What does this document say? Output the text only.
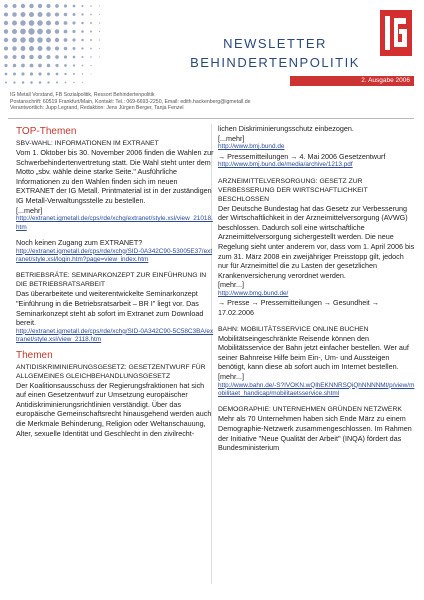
NEWSLETTER
BEHINDERTENPOLITIK
2. Ausgabe 2006
IG Metall Vorstand, FB Sozialpolitik, Ressort Behindertenpolitik
Postanschrift: 60519 Frankfurt/Main, Kontakt: Tel.: 069-6693-2250, Email: edith.hackenberg@igmetall.de
Verantwortlich: Jupp Legrand, Redaktion: Jens Jürgen Berger, Tanja Fenzel
TOP-Themen
SBV-WAHL: INFORMATIONEN IM EXTRANET

Vom 1. Oktober bis 30. November 2006 finden die Wahlen zur Schwerbehindertenvertretung statt. Die Wahl steht unter dem Motto „sbv. wähle deine starke Seite." Ausführliche Informationen zu den Wahlen finden sich im neuen EXTRANET der IG Metall. Printmaterial ist in der zuständigen IG Metall-Verwaltungsstelle zu bestellen.

[...mehr]
http://extranet.igmetall.de/cps/rde/xchg/extranet/style.xsl/view_21018.htm

Noch keinen Zugang zum EXTRANET?

http://extranet.igmetall.de/cps/rde/xchg/SID-0A342C90-53005E37/extranet/style.xsl/login.htm?page=view_index.htm
BETRIEBSRÄTE: SEMINARKONZEPT ZUR EINFÜHRUNG IN DIE BETRIEBSRATSARBEIT

Das überarbeitete und weiterentwickelte Seminarkonzept "Einführung in die Betriebsratsarbeit – BR I" liegt vor. Das Seminarkonzept steht ab sofort im Extranet zum Download bereit.

http://extranet.igmetall.de/cps/rde/xchg/SID-0A342C90-5C58C3BA/extranet/style.xsl/view_2118.htm
Themen
ANTIDISKRIMINIERUNGSGESETZ: GESETZENTWURF FÜR ALLGEMEINES GLEICHBEHANDLUNGSGESETZ

Der Koalitionsausschuss der Regierungsfraktionen hat sich auf einen Gesetzentwurf zur Umsetzung europäischer Antidiskriminierungsrichtlinien verständigt. Über das europäische Gemeinschaftsrecht hinausgehend werden auch die Merkmale Behinderung, Religion oder Weltanschauung, Alter, sexuelle Identität und Geschlecht in den zivilrecht-

lichen Diskriminierungsschutz einbezogen.

[...mehr]
http://www.bmj.bund.de

→ Pressemitteilungen → 4. Mai 2006 Gesetzentwurf

http://www.bmj.bund.de/media/archive/1213.pdf
ARZNEIMITTELVERSORGUNG: GESETZ ZUR VERBESSERUNG DER WIRTSCHAFTLICHKEIT BESCHLOSSEN

Der Deutsche Bundestag hat das Gesetz zur Verbesserung der Wirtschaftlichkeit in der Arzneimittelversorgung (AVWG) beschlossen. Dadurch soll eine wirtschaftliche Arzneimittelversorgung sichergestellt werden. Die neue Regelung sieht unter anderem vor, dass vom 1. April 2006 bis zum 31. März 2008 ein zweijähriger Preisstopp gilt, jedoch nur für Arzneimittel die zu Lasten der gesetzlichen Krankenversicherung verordnet werden.

[mehr...]
http://www.bmg.bund.de/

→ Presse → Pressemitteilungen → Gesundheit → 17.02.2006

BAHN: MOBILITÄTSSERVICE ONLINE BUCHEN

Mobilitätseingeschränkte Reisende können den Mobilitätsservice der Bahn jetzt einfacher bestellen. Wer auf seiner Bahnreise Hilfe beim Ein-, Um- und Aussteigen benötigt, kann diese ab sofort auch im Internet bestellen.

[mehr...]
http://www.bahn.de/-S?IVOKN.wQlhEKNNRSQiQhNNNNMt/p/view/mobilitaet_handicap/mobilitaetsservice.shtml
DEMOGRAPHIE: UNTERNEHMEN GRÜNDEN NETZWERK

Mehr als 70 Unternehmen haben sich Ende März zu einem Demographie-Netzwerk zusammengeschlossen. Im Rahmen der Initiative "Neue Qualität der Arbeit" (INQA) fördert das Bundesministerium
